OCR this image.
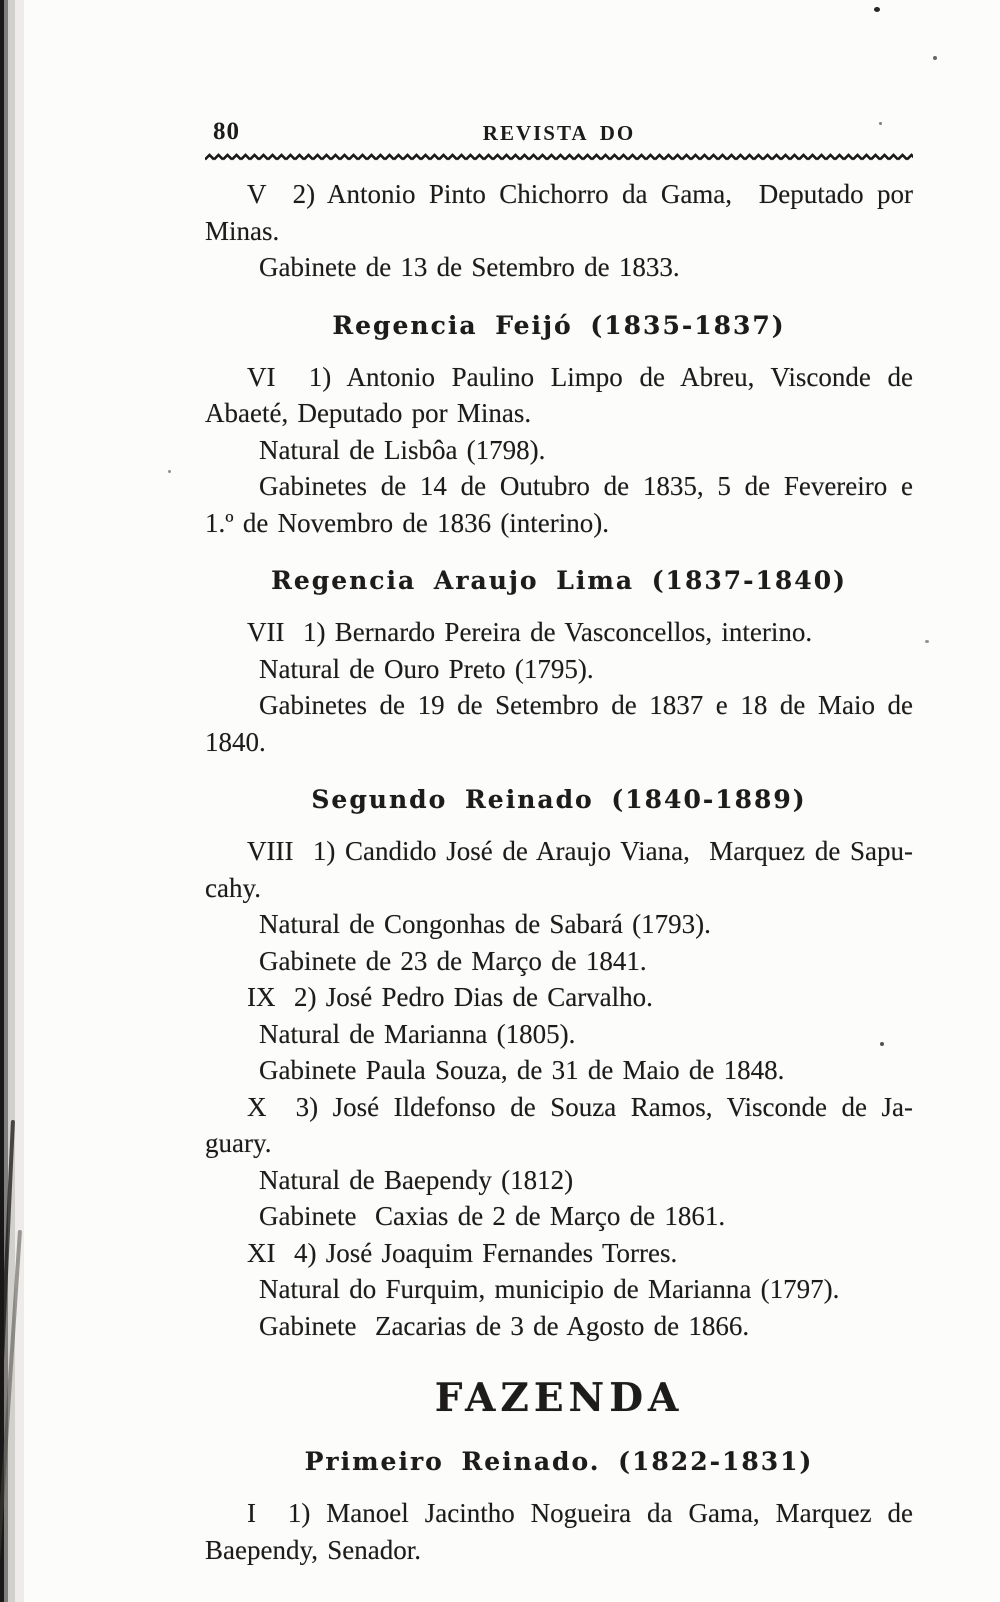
80	REVISTA DO
V  2) Antonio Pinto Chichorro da Gama,  Deputado por
Minas.
Gabinete de 13 de Setembro de 1833.
Regencia Feijó (1835-1837)
VI  1) Antonio Paulino Limpo de Abreu, Visconde de
Abaeté, Deputado por Minas.
Natural de Lisbôa (1798).
Gabinetes de 14 de Outubro de 1835, 5 de Fevereiro e
1.º de Novembro de 1836 (interino).
Regencia Araujo Lima (1837-1840)
VII  1) Bernardo Pereira de Vasconcellos, interino.
Natural de Ouro Preto (1795).
Gabinetes de 19 de Setembro de 1837 e 18 de Maio de
1840.
Segundo Reinado (1840-1889)
VIII  1) Candido José de Araujo Viana,  Marquez de Sapu-
cahy.
Natural de Congonhas de Sabará (1793).
Gabinete de 23 de Março de 1841.
IX  2) José Pedro Dias de Carvalho.
Natural de Marianna (1805).
Gabinete Paula Souza, de 31 de Maio de 1848.
X  3) José Ildefonso de Souza Ramos, Visconde de Ja-
guary.
Natural de Baependy (1812)
Gabinete  Caxias de 2 de Março de 1861.
XI  4) José Joaquim Fernandes Torres.
Natural do Furquim, municipio de Marianna (1797).
Gabinete  Zacarias de 3 de Agosto de 1866.
FAZENDA
Primeiro Reinado. (1822-1831)
I  1) Manoel Jacintho Nogueira da Gama, Marquez de
Baependy, Senador.
